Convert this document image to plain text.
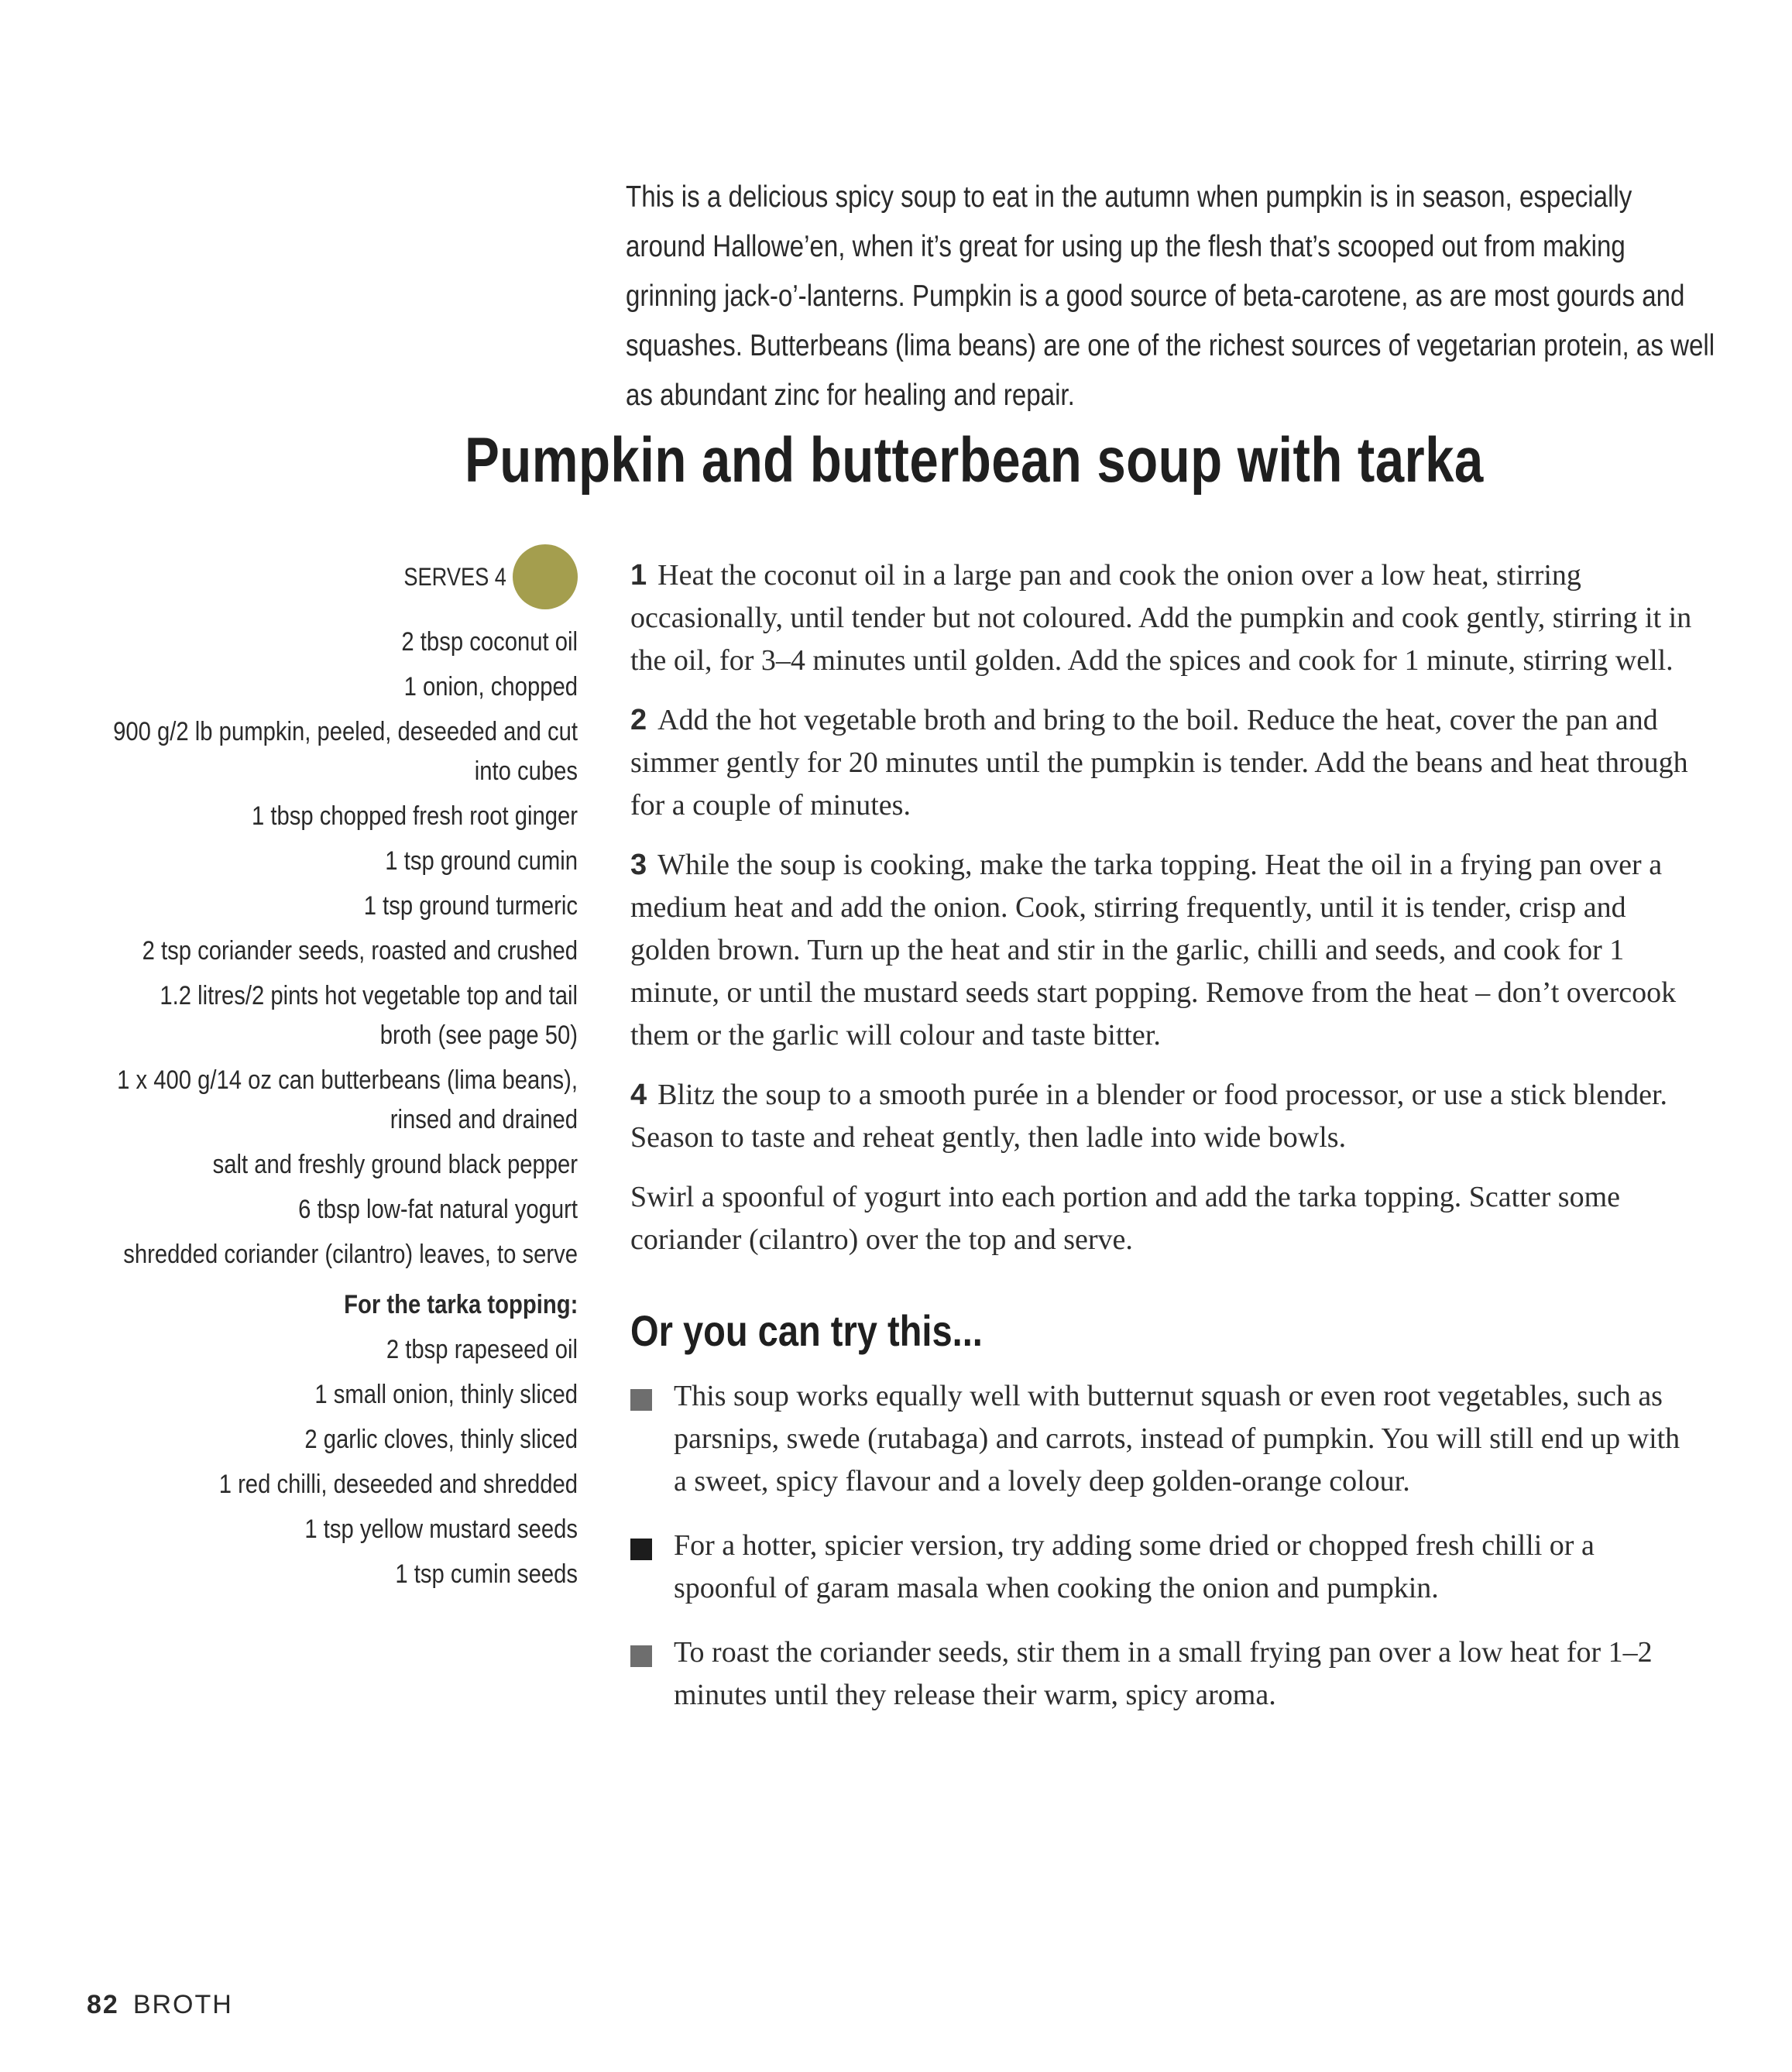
This is a delicious spicy soup to eat in the autumn when pumpkin is in season, especially around Hallowe’en, when it’s great for using up the flesh that’s scooped out from making grinning jack-o’-lanterns. Pumpkin is a good source of beta-carotene, as are most gourds and squashes. Butterbeans (lima beans) are one of the richest sources of vegetarian protein, as well as abundant zinc for healing and repair.

Pumpkin and butterbean soup with tarka
SERVES 4
2 tbsp coconut oil
1 onion, chopped
900 g/2 lb pumpkin, peeled, deseeded and cut into cubes
1 tbsp chopped fresh root ginger
1 tsp ground cumin
1 tsp ground turmeric
2 tsp coriander seeds, roasted and crushed
1.2 litres/2 pints hot vegetable top and tail broth (see page 50)
1 x 400 g/14 oz can butterbeans (lima beans), rinsed and drained
salt and freshly ground black pepper
6 tbsp low-fat natural yogurt
shredded coriander (cilantro) leaves, to serve
For the tarka topping:
2 tbsp rapeseed oil
1 small onion, thinly sliced
2 garlic cloves, thinly sliced
1 red chilli, deseeded and shredded
1 tsp yellow mustard seeds
1 tsp cumin seeds

1 Heat the coconut oil in a large pan and cook the onion over a low heat, stirring occasionally, until tender but not coloured. Add the pumpkin and cook gently, stirring it in the oil, for 3–4 minutes until golden. Add the spices and cook for 1 minute, stirring well.

2 Add the hot vegetable broth and bring to the boil. Reduce the heat, cover the pan and simmer gently for 20 minutes until the pumpkin is tender. Add the beans and heat through for a couple of minutes.

3 While the soup is cooking, make the tarka topping. Heat the oil in a frying pan over a medium heat and add the onion. Cook, stirring frequently, until it is tender, crisp and golden brown. Turn up the heat and stir in the garlic, chilli and seeds, and cook for 1 minute, or until the mustard seeds start popping. Remove from the heat – don’t overcook them or the garlic will colour and taste bitter.

4 Blitz the soup to a smooth purée in a blender or food processor, or use a stick blender. Season to taste and reheat gently, then ladle into wide bowls.

Swirl a spoonful of yogurt into each portion and add the tarka topping. Scatter some coriander (cilantro) over the top and serve.

Or you can try this...
This soup works equally well with butternut squash or even root vegetables, such as parsnips, swede (rutabaga) and carrots, instead of pumpkin. You will still end up with a sweet, spicy flavour and a lovely deep golden-orange colour.
For a hotter, spicier version, try adding some dried or chopped fresh chilli or a spoonful of garam masala when cooking the onion and pumpkin.
To roast the coriander seeds, stir them in a small frying pan over a low heat for 1–2 minutes until they release their warm, spicy aroma.
82 BROTH
